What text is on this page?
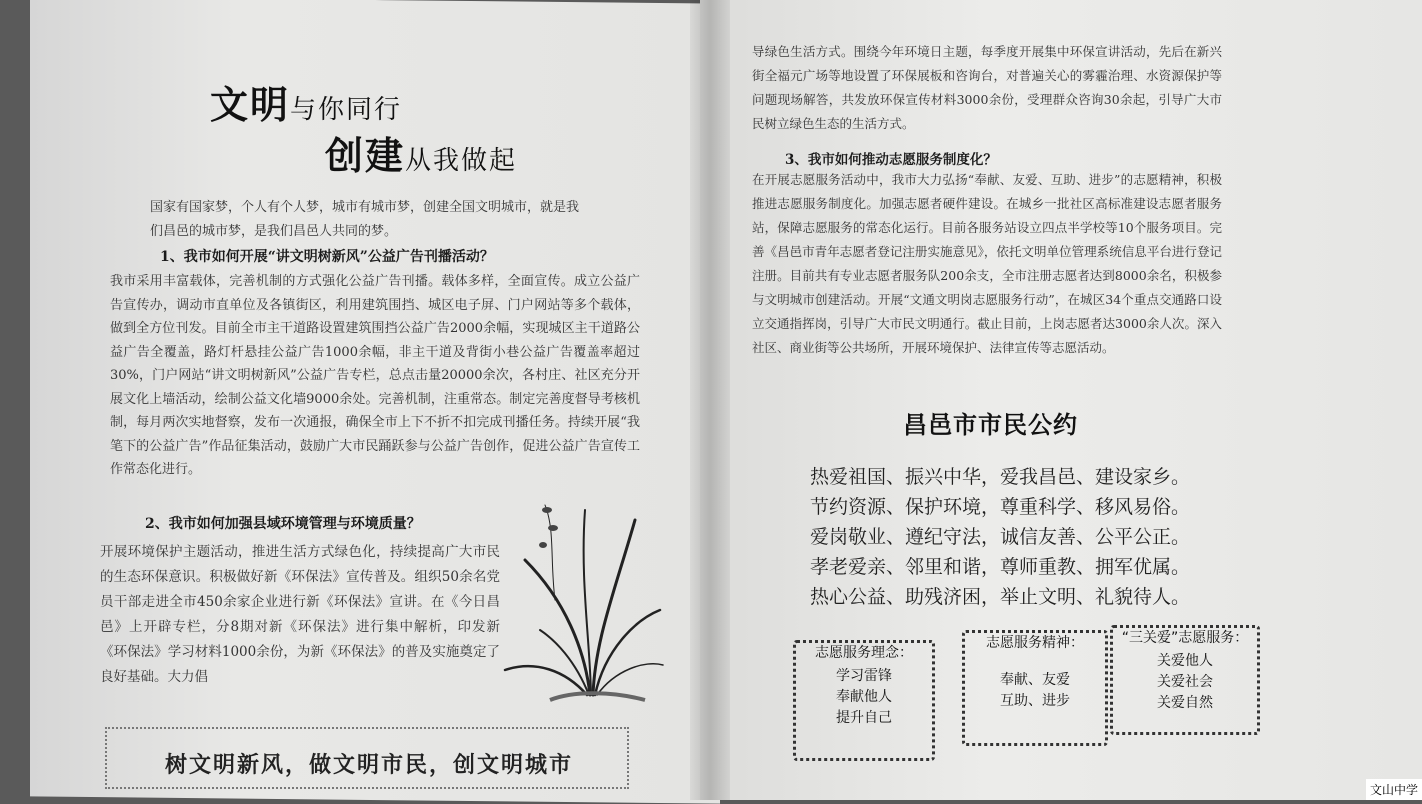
文明与你同行
创建从我做起
国家有国家梦，个人有个人梦，城市有城市梦，创建全国文明城市，就是我们昌邑的城市梦，是我们昌邑人共同的梦。
1、我市如何开展“讲文明树新风”公益广告刊播活动？
我市采用丰富载体，完善机制的方式强化公益广告刊播。载体多样，全面宣传。成立公益广告宣传办，调动市直单位及各镇街区，利用建筑围挡、城区电子屏、门户网站等多个载体，做到全方位刊发。目前全市主干道路设置建筑围挡公益广告2000余幅，实现城区主干道路公益广告全覆盖，路灯杆悬挂公益广告1000余幅，非主干道及背街小巷公益广告覆盖率超过30%，门户网站“讲文明树新风”公益广告专栏，总点击量20000余次，各村庄、社区充分开展文化上墙活动，绘制公益文化墙9000余处。完善机制，注重常态。制定完善度督导考核机制，每月两次实地督察，发布一次通报，确保全市上下不折不扣完成刊播任务。持续开展“我笔下的公益广告”作品征集活动，鼓励广大市民踊跃参与公益广告创作，促进公益广告宣传工作常态化进行。
2、我市如何加强县域环境管理与环境质量？
开展环境保护主题活动，推进生活方式绿色化，持续提高广大市民的生态环保意识。积极做好新《环保法》宣传普及。组织50余名党员干部走进全市450余家企业进行新《环保法》宣讲。在《今日昌邑》上开辟专栏，分8期对新《环保法》进行集中解析，印发新《环保法》学习材料1000余份，为新《环保法》的普及实施奠定了良好基础。大力倡
树文明新风，做文明市民，创文明城市
导绿色生活方式。围绕今年环境日主题，每季度开展集中环保宣讲活动，先后在新兴街全福元广场等地设置了环保展板和咨询台，对普遍关心的雾霾治理、水资源保护等问题现场解答，共发放环保宣传材料3000余份，受理群众咨询30余起，引导广大市民树立绿色生态的生活方式。
3、我市如何推动志愿服务制度化？
在开展志愿服务活动中，我市大力弘扬“奉献、友爱、互助、进步”的志愿精神，积极推进志愿服务制度化。加强志愿者硬件建设。在城乡一批社区高标准建设志愿者服务站，保障志愿服务的常态化运行。目前各服务站设立四点半学校等10个服务项目。完善《昌邑市青年志愿者登记注册实施意见》，依托文明单位管理系统信息平台进行登记注册。目前共有专业志愿者服务队200余支，全市注册志愿者达到8000余名，积极参与文明城市创建活动。开展“文通文明岗志愿服务行动”，在城区34个重点交通路口设立交通指挥岗，引导广大市民文明通行。截止目前，上岗志愿者达3000余人次。深入社区、商业街等公共场所，开展环境保护、法律宣传等志愿活动。
昌邑市市民公约
热爱祖国、振兴中华，爱我昌邑、建设家乡。
节约资源、保护环境，尊重科学、移风易俗。
爱岗敬业、遵纪守法，诚信友善、公平公正。
孝老爱亲、邻里和谐，尊师重教、拥军优属。
热心公益、助残济困，举止文明、礼貌待人。
志愿服务理念：
学习雷锋
奉献他人
提升自己
志愿服务精神：
奉献、友爱
互助、进步
“三关爱”志愿服务：
关爱他人
关爱社会
关爱自然
文山中学
